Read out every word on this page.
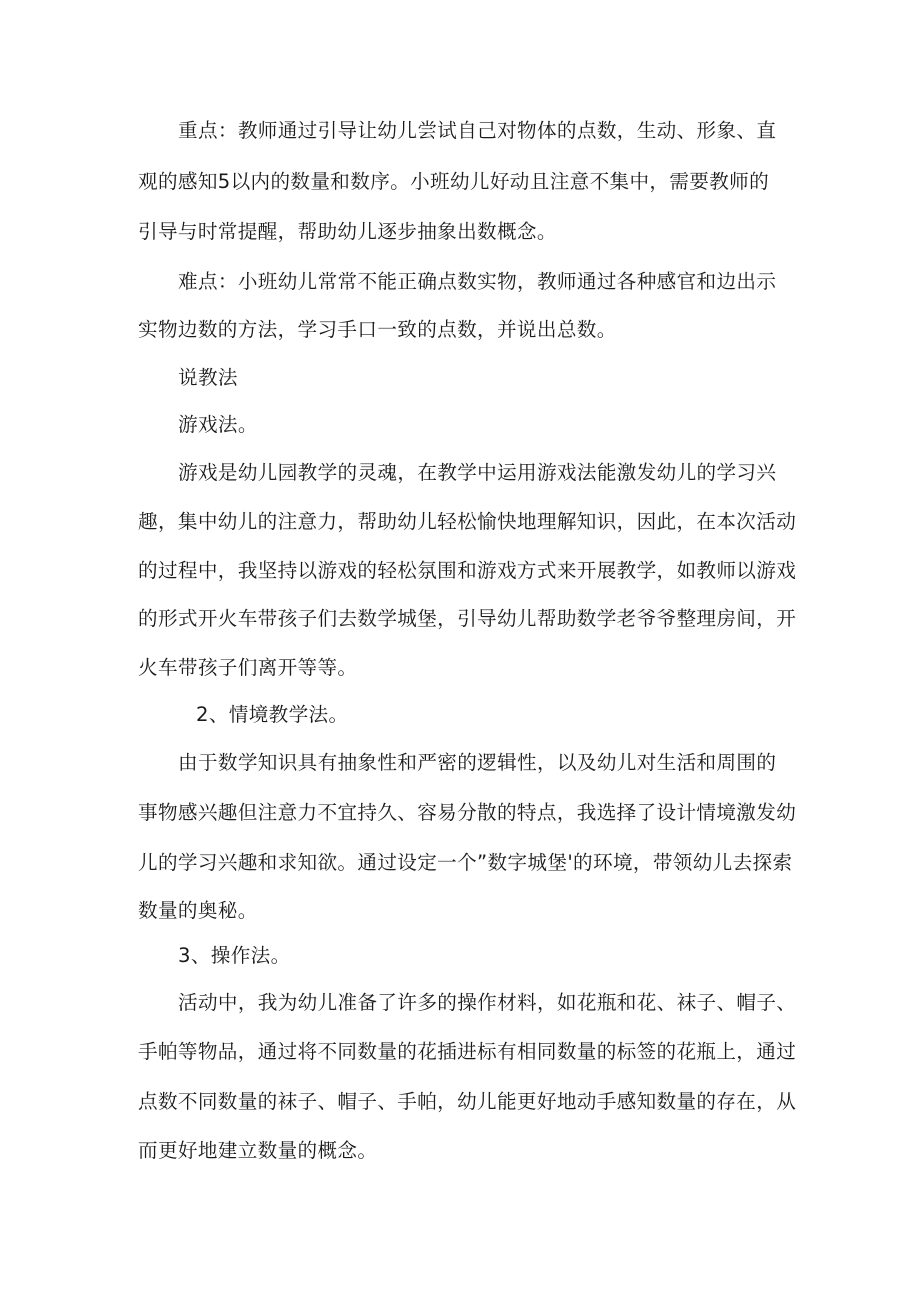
重点：教师通过引导让幼儿尝试自己对物体的点数，生动、形象、直
观的感知5以内的数量和数序。小班幼儿好动且注意不集中，需要教师的
引导与时常提醒，帮助幼儿逐步抽象出数概念。
难点：小班幼儿常常不能正确点数实物，教师通过各种感官和边出示
实物边数的方法，学习手口一致的点数，并说出总数。
说教法
游戏法。
游戏是幼儿园教学的灵魂，在教学中运用游戏法能激发幼儿的学习兴
趣，集中幼儿的注意力，帮助幼儿轻松愉快地理解知识，因此，在本次活动
的过程中，我坚持以游戏的轻松氛围和游戏方式来开展教学，如教师以游戏
的形式开火车带孩子们去数学城堡，引导幼儿帮助数学老爷爷整理房间，开
火车带孩子们离开等等。
2、情境教学法。
由于数学知识具有抽象性和严密的逻辑性，以及幼儿对生活和周围的
事物感兴趣但注意力不宜持久、容易分散的特点，我选择了设计情境激发幼
儿的学习兴趣和求知欲。通过设定一个”数字城堡'的环境，带领幼儿去探索
数量的奥秘。
3、操作法。
活动中，我为幼儿准备了许多的操作材料，如花瓶和花、袜子、帽子、
手帕等物品，通过将不同数量的花插进标有相同数量的标签的花瓶上，通过
点数不同数量的袜子、帽子、手帕，幼儿能更好地动手感知数量的存在，从
而更好地建立数量的概念。
